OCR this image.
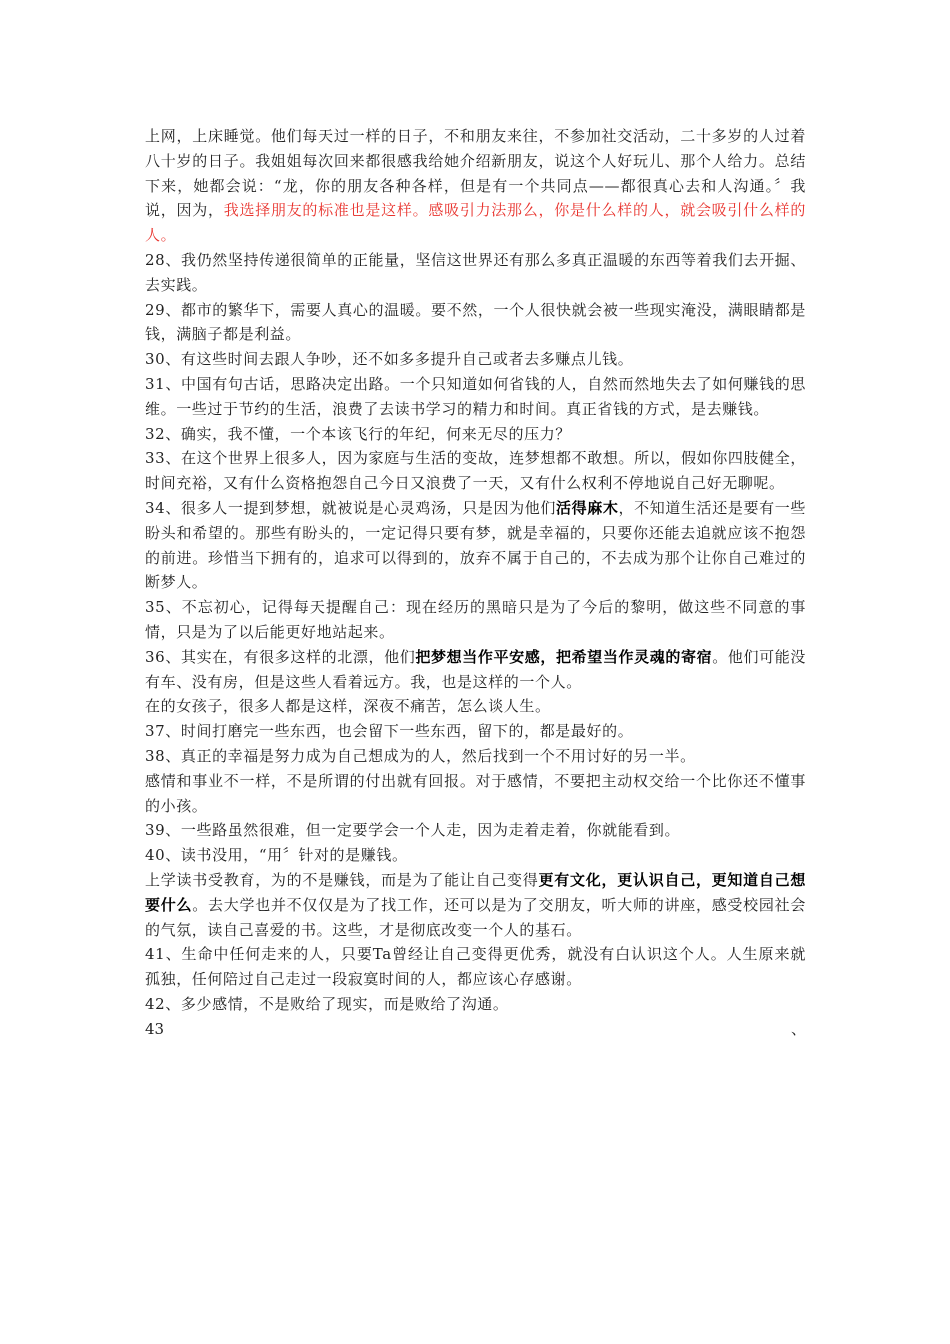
上网，上床睡觉。他们每天过一样的日子，不和朋友来往，不参加社交活动，二十多岁的人过着八十岁的日子。我姐姐每次回来都很感我给她介绍新朋友，说这个人好玩儿、那个人给力。总结下来，她都会说：“龙，你的朋友各种各样，但是有一个共同点——都很真心去和人沟通。〞我说，因为，我选择朋友的标准也是这样。感吸引力法那么，你是什么样的人，就会吸引什么样的人。

28、我仍然坚持传递很简单的正能量，坚信这世界还有那么多真正温暖的东西等着我们去开掘、去实践。

29、都市的繁华下，需要人真心的温暖。要不然，一个人很快就会被一些现实淹没，满眼睛都是钱，满脑子都是利益。

30、有这些时间去跟人争吵，还不如多多提升自己或者去多赚点儿钱。

31、中国有句古话，思路决定出路。一个只知道如何省钱的人，自然而然地失去了如何赚钱的思维。一些过于节约的生活，浪费了去读书学习的精力和时间。真正省钱的方式，是去赚钱。

32、确实，我不懂，一个本该飞行的年纪，何来无尽的压力？

33、在这个世界上很多人，因为家庭与生活的变故，连梦想都不敢想。所以，假如你四肢健全，时间充裕，又有什么资格抱怨自己今日又浪费了一天，又有什么权利不停地说自己好无聊呢。

34、很多人一提到梦想，就被说是心灵鸡汤，只是因为他们活得麻木，不知道生活还是要有一些盼头和希望的。那些有盼头的，一定记得只要有梦，就是幸福的，只要你还能去追就应该不抱怨的前进。珍惜当下拥有的，追求可以得到的，放弃不属于自己的，不去成为那个让你自己难过的断梦人。

35、不忘初心，记得每天提醒自己：现在经历的黑暗只是为了今后的黎明，做这些不同意的事情，只是为了以后能更好地站起来。

36、其实在，有很多这样的北漂，他们把梦想当作平安感，把希望当作灵魂的寄宿。他们可能没有车、没有房，但是这些人看着远方。我，也是这样的一个人。

在的女孩子，很多人都是这样，深夜不痛苦，怎么谈人生。

37、时间打磨完一些东西，也会留下一些东西，留下的，都是最好的。

38、真正的幸福是努力成为自己想成为的人，然后找到一个不用讨好的另一半。

感情和事业不一样，不是所谓的付出就有回报。对于感情，不要把主动权交给一个比你还不懂事的小孩。

39、一些路虽然很难，但一定要学会一个人走，因为走着走着，你就能看到。

40、读书没用，“用〞针对的是赚钱。

上学读书受教育，为的不是赚钱，而是为了能让自己变得更有文化，更认识自己，更知道自己想要什么。去大学也并不仅仅是为了找工作，还可以是为了交朋友，听大师的讲座，感受校园社会的气氛，读自己喜爱的书。这些，才是彻底改变一个人的基石。

41、生命中任何走来的人，只要Ta曾经让自己变得更优秀，就没有白认识这个人。人生原来就孤独，任何陪过自己走过一段寂寞时间的人，都应该心存感谢。

42、多少感情，不是败给了现实，而是败给了沟通。

43	、
